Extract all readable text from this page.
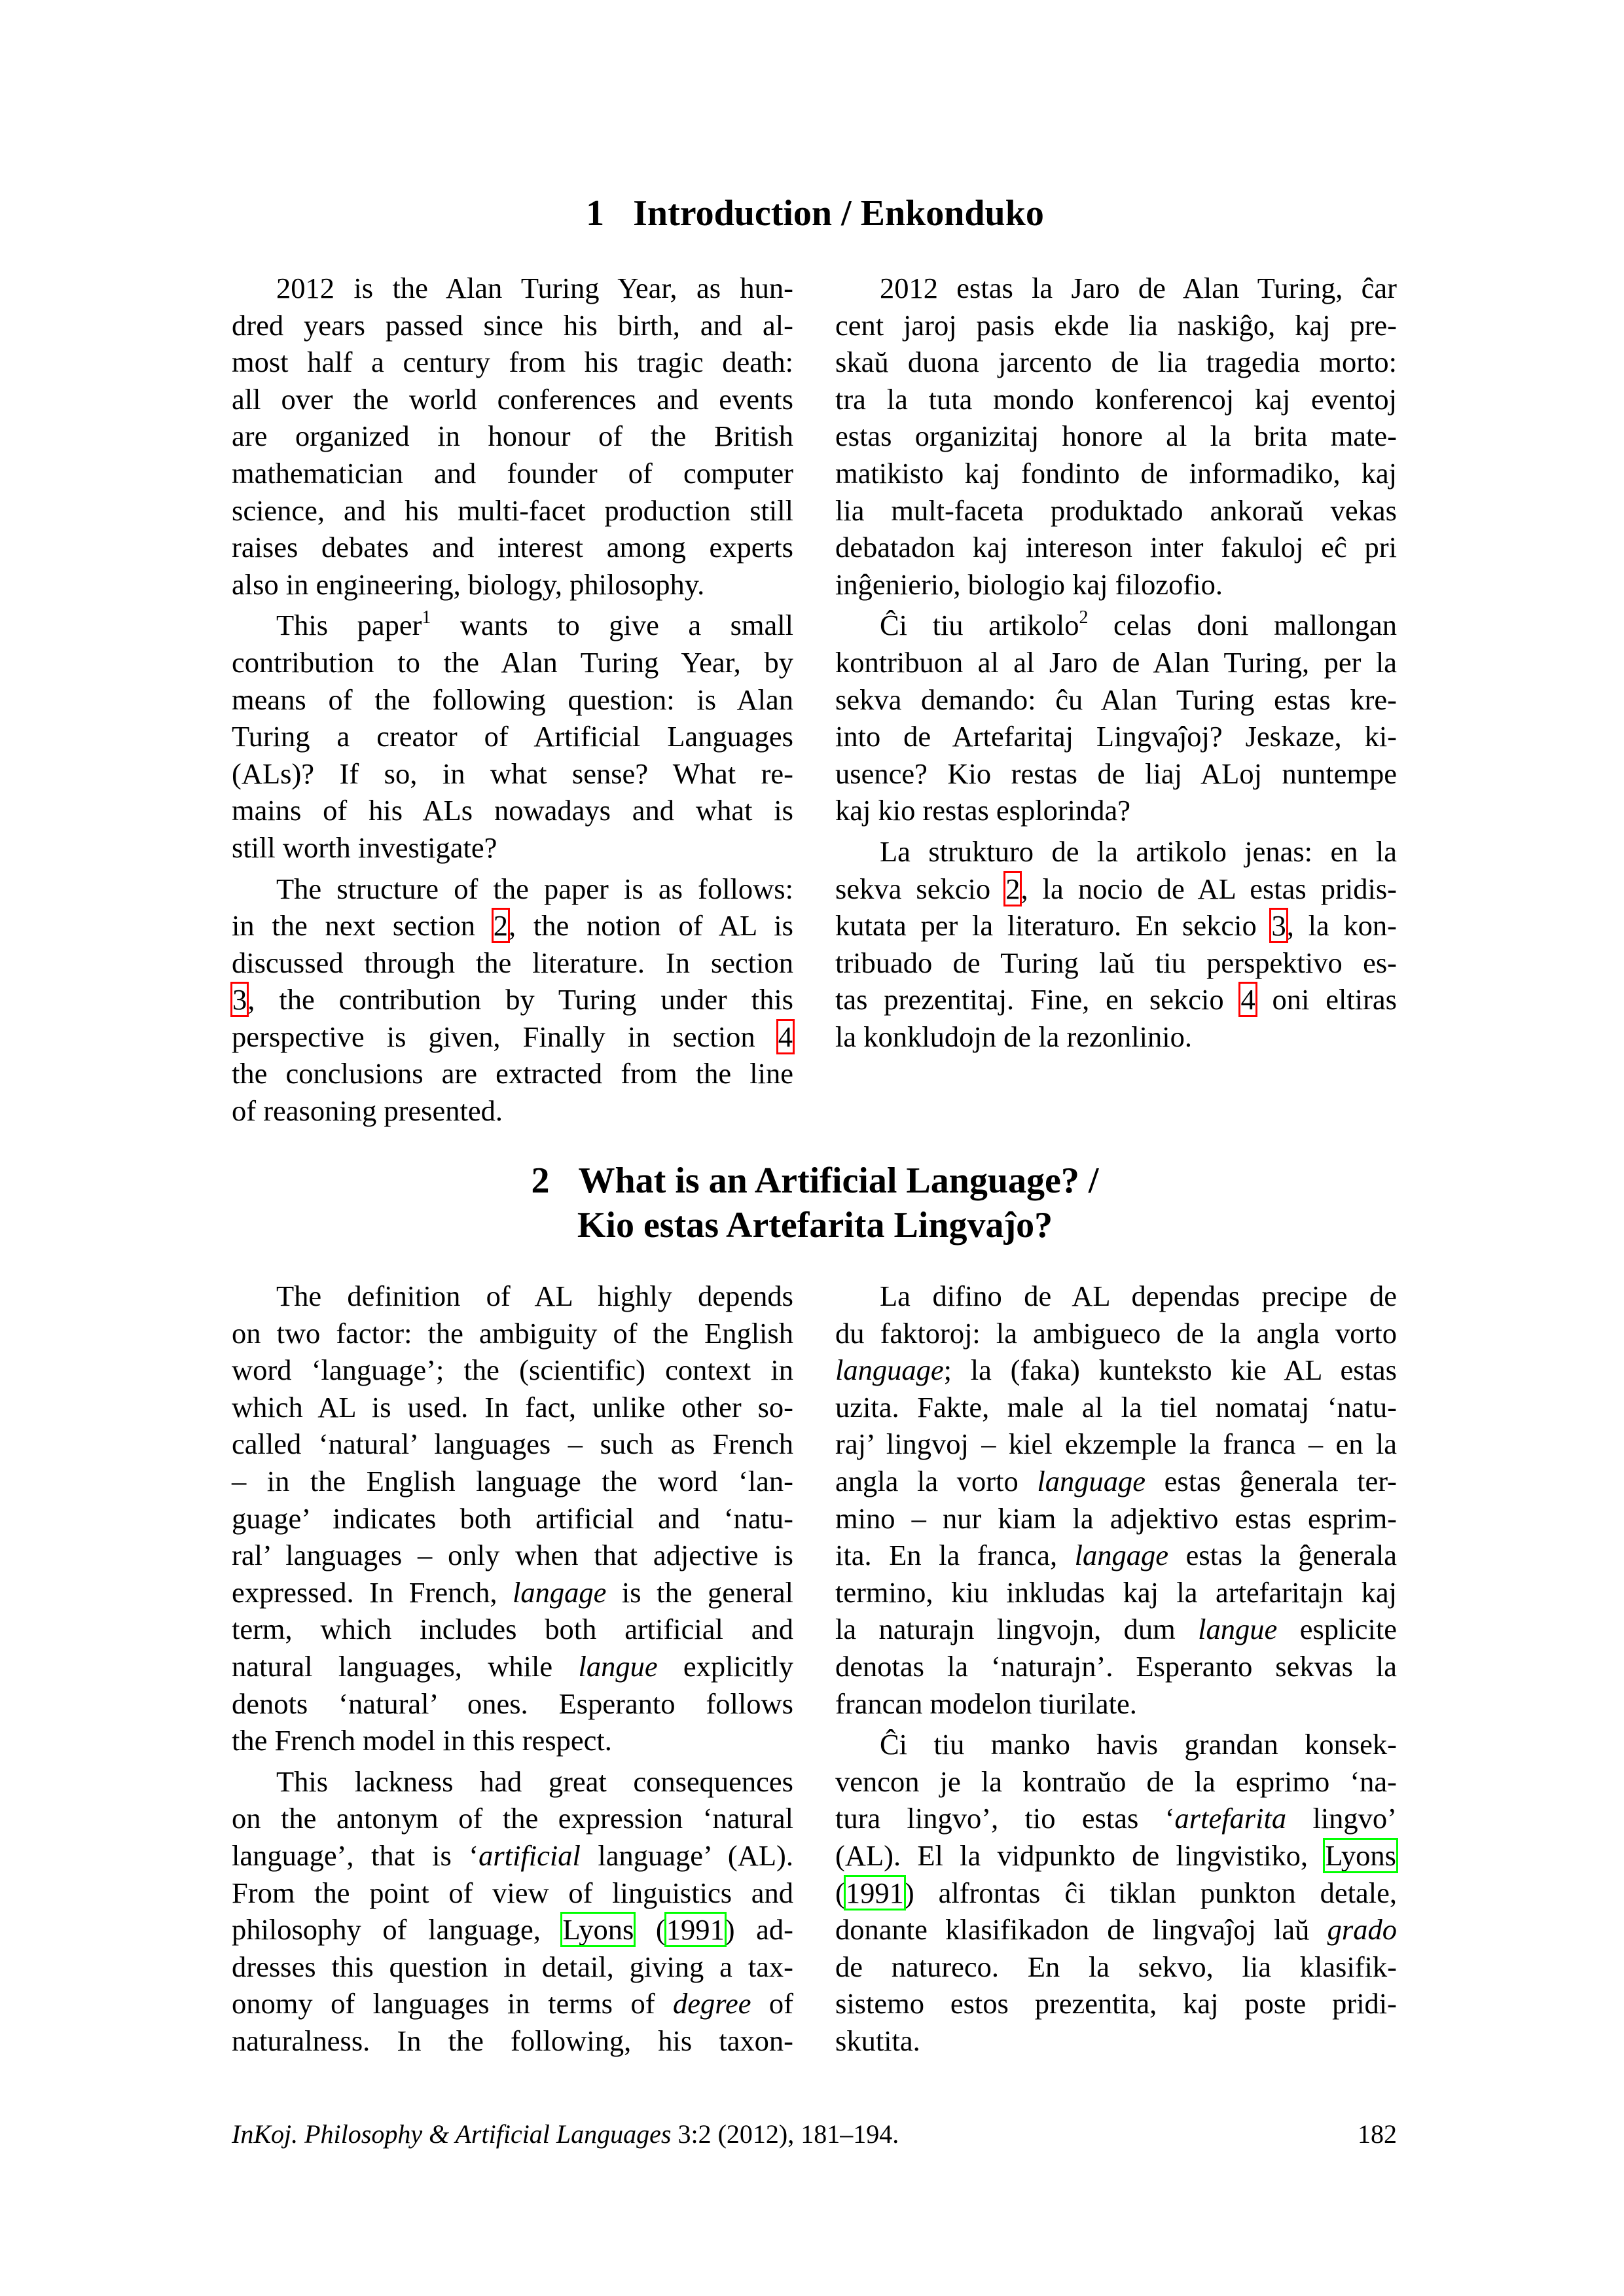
1 Introduction / Enkonduko
2012 is the Alan Turing Year, as hun-
dred years passed since his birth, and al-
most half a century from his tragic death:
all over the world conferences and events
are organized in honour of the British
mathematician and founder of computer
science, and his multi-facet production still
raises debates and interest among experts
also in engineering, biology, philosophy.
This paper$^1$ wants to give a small
contribution to the Alan Turing Year, by
means of the following question: is Alan
Turing a creator of Artificial Languages
(ALs)? If so, in what sense? What re-
mains of his ALs nowadays and what is
still worth investigate?
The structure of the paper is as follows:
in the next section 2, the notion of AL is
discussed through the literature. In section
3, the contribution by Turing under this
perspective is given, Finally in section 4
the conclusions are extracted from the line
of reasoning presented.
2012 estas la Jaro de Alan Turing, ĉar
cent jaroj pasis ekde lia naskiĝo, kaj pre-
skaŭ duona jarcento de lia tragedia morto:
tra la tuta mondo konferencoj kaj eventoj
estas organizitaj honore al la brita mate-
matikisto kaj fondinto de informadiko, kaj
lia mult-faceta produktado ankoraŭ vekas
debatadon kaj intereson inter fakuloj eĉ pri
inĝenierio, biologio kaj filozofio.
Ĉi tiu artikolo$^2$ celas doni mallongan
kontribuon al al Jaro de Alan Turing, per la
sekva demando: ĉu Alan Turing estas kre-
into de Artefaritaj Lingvaĵoj? Jeskaze, ki-
usence? Kio restas de liaj ALoj nuntempe
kaj kio restas esplorinda?
La strukturo de la artikolo jenas: en la
sekva sekcio 2, la nocio de AL estas pridis-
kutata per la literaturo. En sekcio 3, la kon-
tribuado de Turing laŭ tiu perspektivo es-
tas prezentitaj. Fine, en sekcio 4 oni eltiras
la konkludojn de la rezonlinio.
2 What is an Artificial Language? /
Kio estas Artefarita Lingvaĵo?
The definition of AL highly depends
on two factor: the ambiguity of the English
word ‘language’; the (scientific) context in
which AL is used. In fact, unlike other so-
called ‘natural’ languages – such as French
– in the English language the word ‘lan-
guage’ indicates both artificial and ‘natu-
ral’ languages – only when that adjective is
expressed. In French, langage is the general
term, which includes both artificial and
natural languages, while langue explicitly
denots ‘natural’ ones. Esperanto follows
the French model in this respect.
This lackness had great consequences
on the antonym of the expression ‘natural
language’, that is ‘artificial language’ (AL).
From the point of view of linguistics and
philosophy of language, Lyons (1991) ad-
dresses this question in detail, giving a tax-
onomy of languages in terms of degree of
naturalness. In the following, his taxon-
La difino de AL dependas precipe de
du faktoroj: la ambigueco de la angla vorto
language; la (faka) kunteksto kie AL estas
uzita. Fakte, male al la tiel nomataj ‘natu-
raj’ lingvoj – kiel ekzemple la franca – en la
angla la vorto language estas ĝenerala ter-
mino – nur kiam la adjektivo estas esprim-
ita. En la franca, langage estas la ĝenerala
termino, kiu inkludas kaj la artefaritajn kaj
la naturajn lingvojn, dum langue esplicite
denotas la ‘naturajn’. Esperanto sekvas la
francan modelon tiurilate.
Ĉi tiu manko havis grandan konsek-
vencon je la kontraŭo de la esprimo ‘na-
tura lingvo’, tio estas ‘artefarita lingvo’
(AL). El la vidpunkto de lingvistiko, Lyons
(1991) alfrontas ĉi tiklan punkton detale,
donante klasifikadon de lingvaĵoj laŭ grado
de natureco. En la sekvo, lia klasifik-
sistemo estos prezentita, kaj poste pridi-
skutita.
InKoj. Philosophy & Artificial Languages 3:2 (2012), 181–194.	182
